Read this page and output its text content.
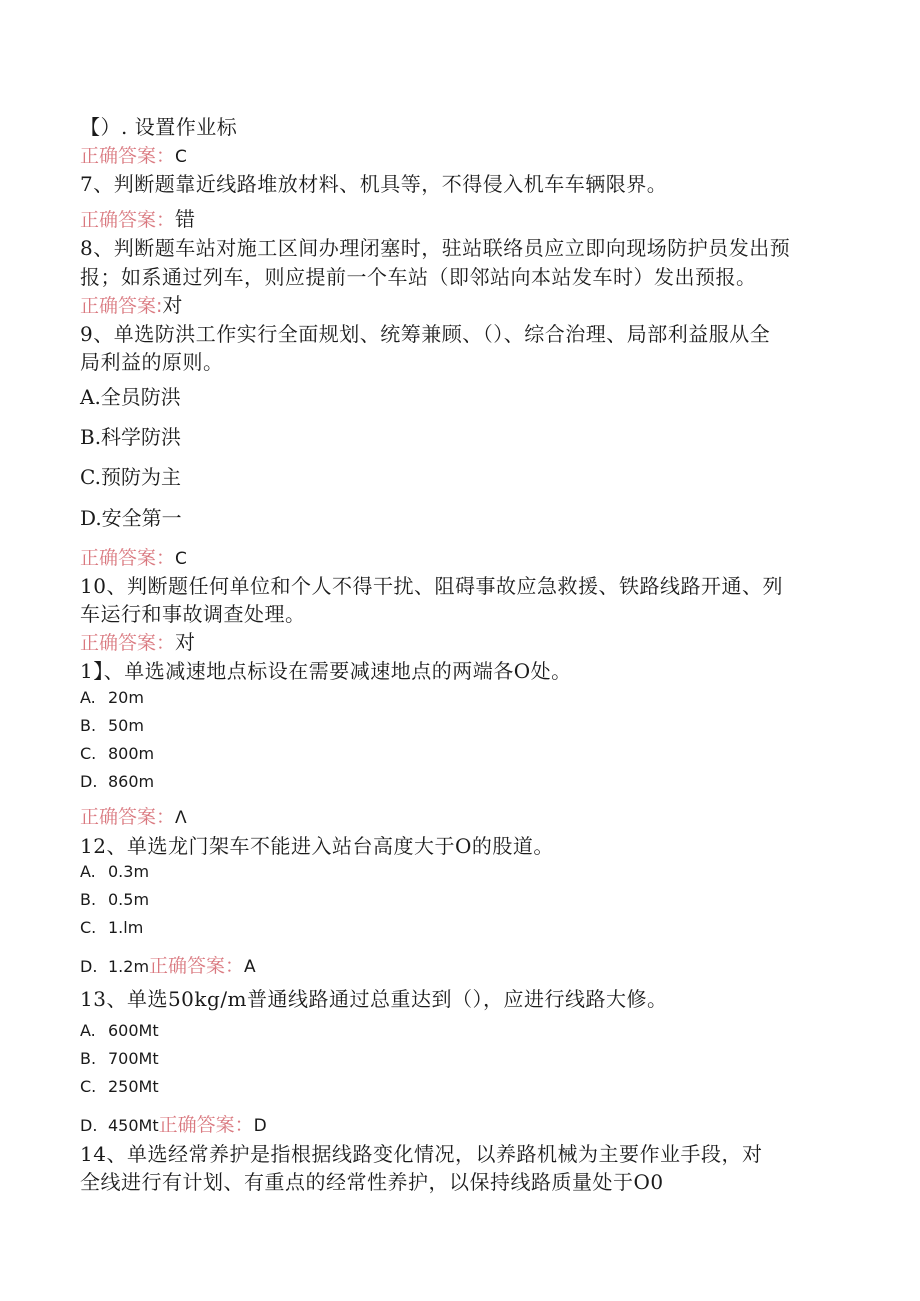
【）. 设置作业标
正确答案：C
7、判断题靠近线路堆放材料、机具等，不得侵入机车车辆限界。
正确答案：错
8、判断题车站对施工区间办理闭塞时，驻站联络员应立即向现场防护员发出预
报；如系通过列车，则应提前一个车站（即邻站向本站发车时）发出预报。
正确答案:对
9、单选防洪工作实行全面规划、统筹兼顾、（）、综合治理、局部利益服从全
局利益的原则。
A.全员防洪
B.科学防洪
C.预防为主
D.安全第一
正确答案：C
10、判断题任何单位和个人不得干扰、阻碍事故应急救援、铁路线路开通、列
车运行和事故调查处理。
正确答案：对
1】、单选减速地点标设在需要减速地点的两端各O处。
A. 20m
B. 50m
C. 800m
D. 860m
正确答案：Λ
12、单选龙门架车不能进入站台高度大于O的股道。
A. 0.3m
B. 0.5m
C. 1.lm
D. 1.2m正确答案：A
13、单选50kg∕m普通线路通过总重达到（），应进行线路大修。
A. 600Mt
B. 700Mt
C. 250Mt
D. 450Mt正确答案：D
14、单选经常养护是指根据线路变化情况，以养路机械为主要作业手段，对
全线进行有计划、有重点的经常性养护，以保持线路质量处于O0
